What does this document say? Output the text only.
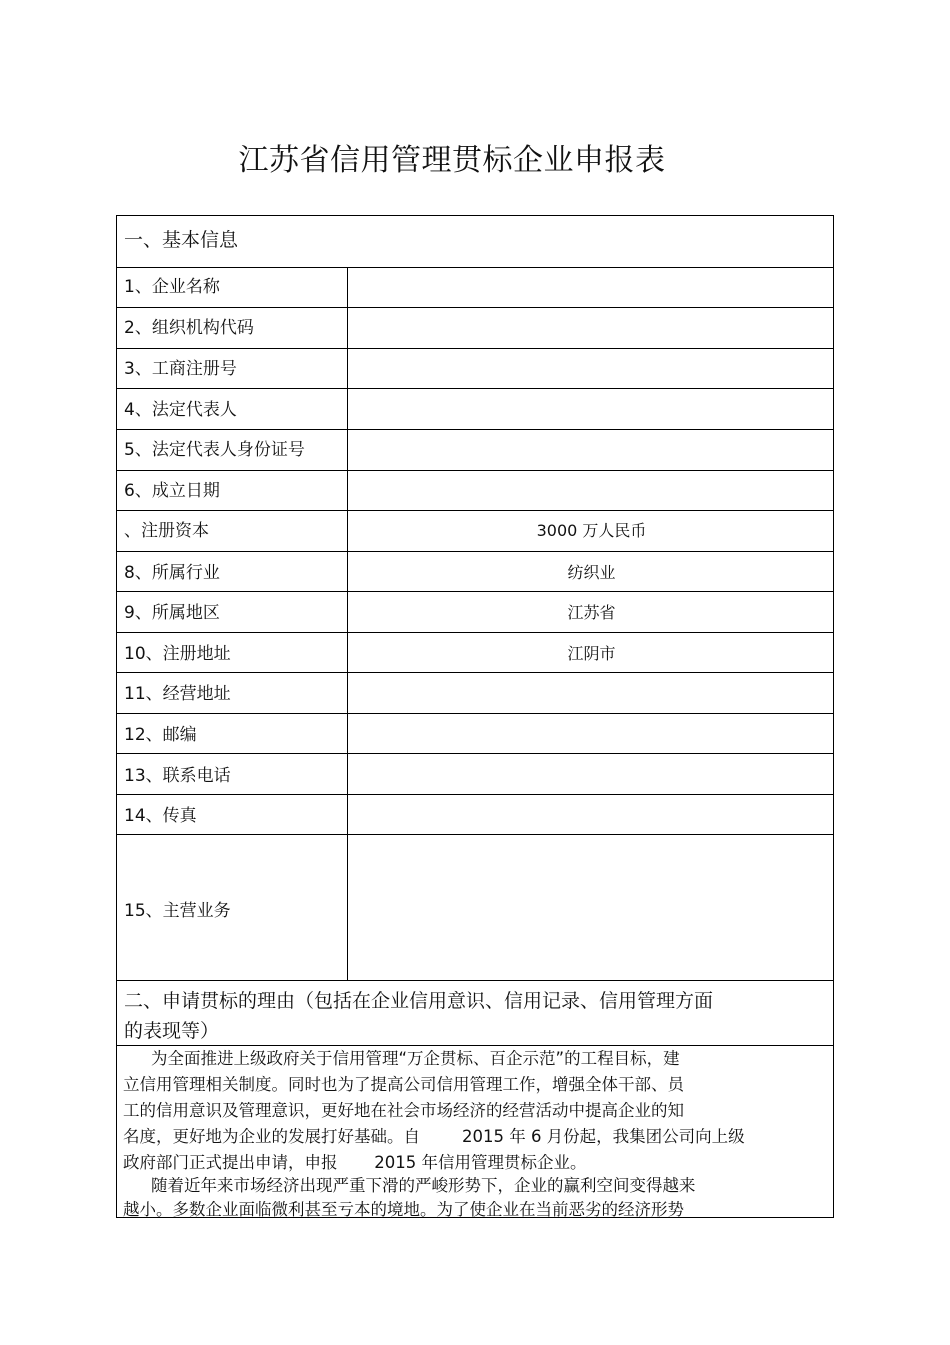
江苏省信用管理贯标企业申报表
一、基本信息
1、企业名称
2、组织机构代码
3、工商注册号
4、法定代表人
5、法定代表人身份证号
6、成立日期
、注册资本	3000 万人民币
8、所属行业	纺织业
9、所属地区	江苏省
10、注册地址	江阴市
11、经营地址
12、邮编
13、联系电话
14、传真
15、主营业务
二、申请贯标的理由（包括在企业信用意识、信用记录、信用管理方面
的表现等）
为全面推进上级政府关于信用管理“万企贯标、百企示范”的工程目标，建
立信用管理相关制度。同时也为了提高公司信用管理工作，增强全体干部、员
工的信用意识及管理意识，更好地在社会市场经济的经营活动中提高企业的知
名度，更好地为企业的发展打好基础。自        2015 年 6 月份起，我集团公司向上级
政府部门正式提出申请，申报       2015 年信用管理贯标企业。
随着近年来市场经济出现严重下滑的严峻形势下，企业的赢利空间变得越来
越小。多数企业面临微利甚至亏本的境地。为了使企业在当前恶劣的经济形势
